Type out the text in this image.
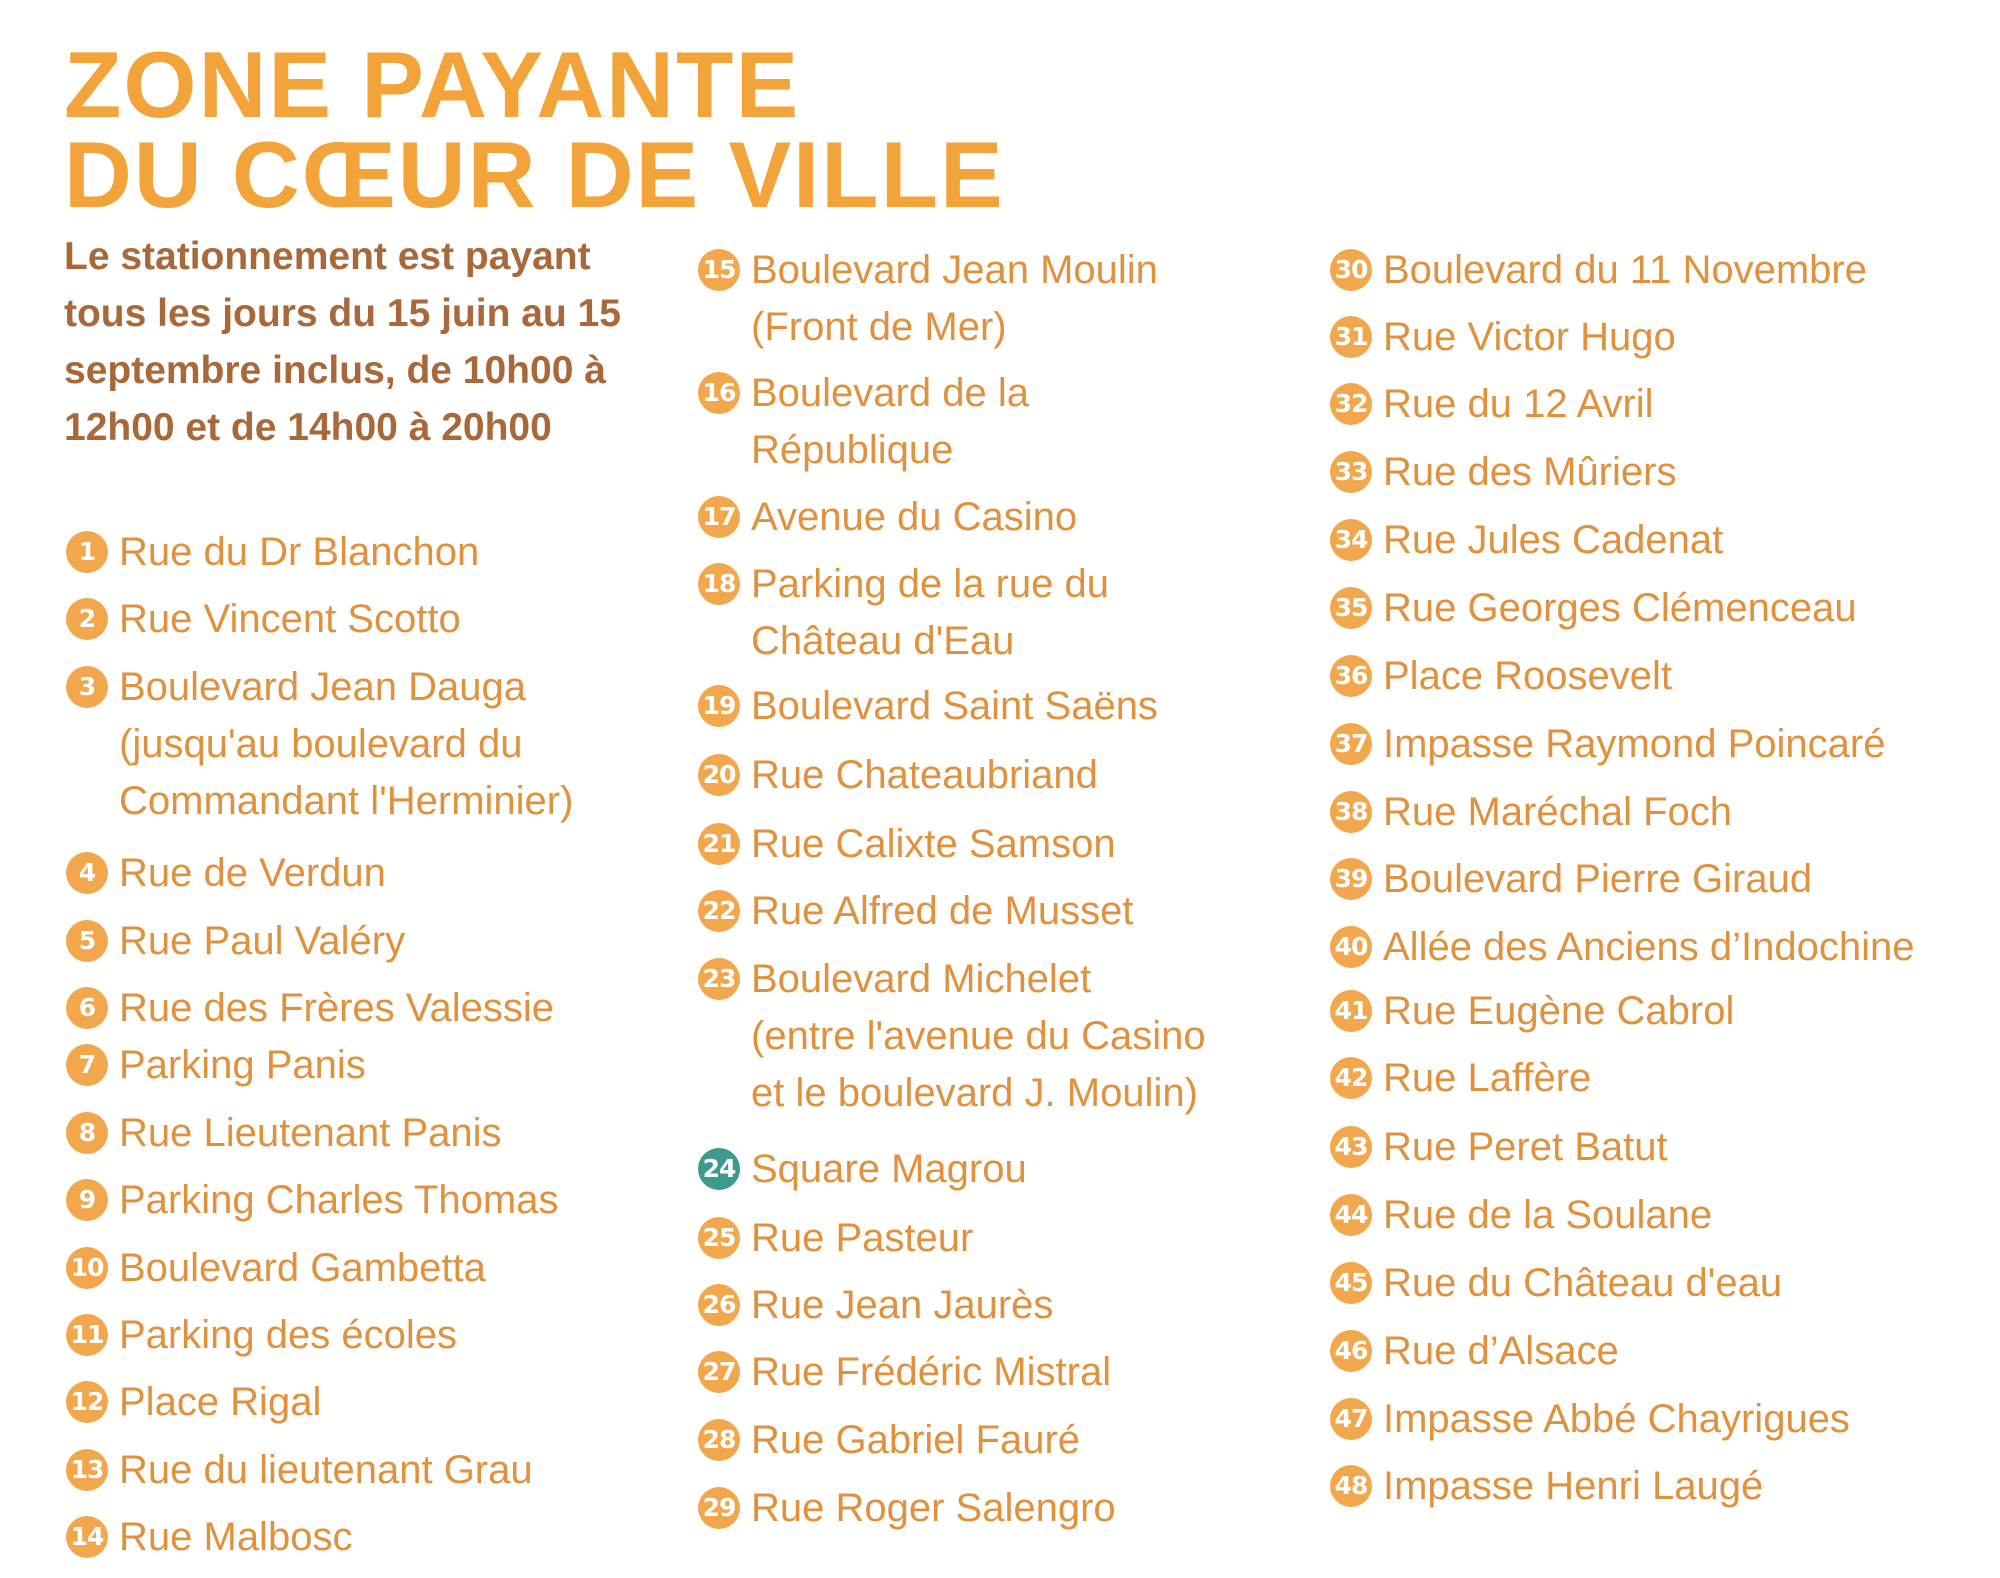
ZONE PAYANTE
DU CŒUR DE VILLE

Le stationnement est payant tous les jours du 15 juin au 15 septembre inclus, de 10h00 à 12h00 et de 14h00 à 20h00

1 Rue du Dr Blanchon
2 Rue Vincent Scotto
3 Boulevard Jean Dauga
(jusqu'au boulevard du
Commandant l'Herminier)
4 Rue de Verdun
5 Rue Paul Valéry
6 Rue des Frères Valessie
7 Parking Panis
8 Rue Lieutenant Panis
9 Parking Charles Thomas
10 Boulevard Gambetta
11 Parking des écoles
12 Place Rigal
13 Rue du lieutenant Grau
14 Rue Malbosc
15 Boulevard Jean Moulin
(Front de Mer)
16 Boulevard de la
République
17 Avenue du Casino
18 Parking de la rue du
Château d'Eau
19 Boulevard Saint Saëns
20 Rue Chateaubriand
21 Rue Calixte Samson
22 Rue Alfred de Musset
23 Boulevard Michelet
(entre l'avenue du Casino
et le boulevard J. Moulin)
24 Square Magrou
25 Rue Pasteur
26 Rue Jean Jaurès
27 Rue Frédéric Mistral
28 Rue Gabriel Fauré
29 Rue Roger Salengro
30 Boulevard du 11 Novembre
31 Rue Victor Hugo
32 Rue du 12 Avril
33 Rue des Mûriers
34 Rue Jules Cadenat
35 Rue Georges Clémenceau
36 Place Roosevelt
37 Impasse Raymond Poincaré
38 Rue Maréchal Foch
39 Boulevard Pierre Giraud
40 Allée des Anciens d’Indochine
41 Rue Eugène Cabrol
42 Rue Laffère
43 Rue Peret Batut
44 Rue de la Soulane
45 Rue du Château d'eau
46 Rue d’Alsace
47 Impasse Abbé Chayrigues
48 Impasse Henri Laugé
